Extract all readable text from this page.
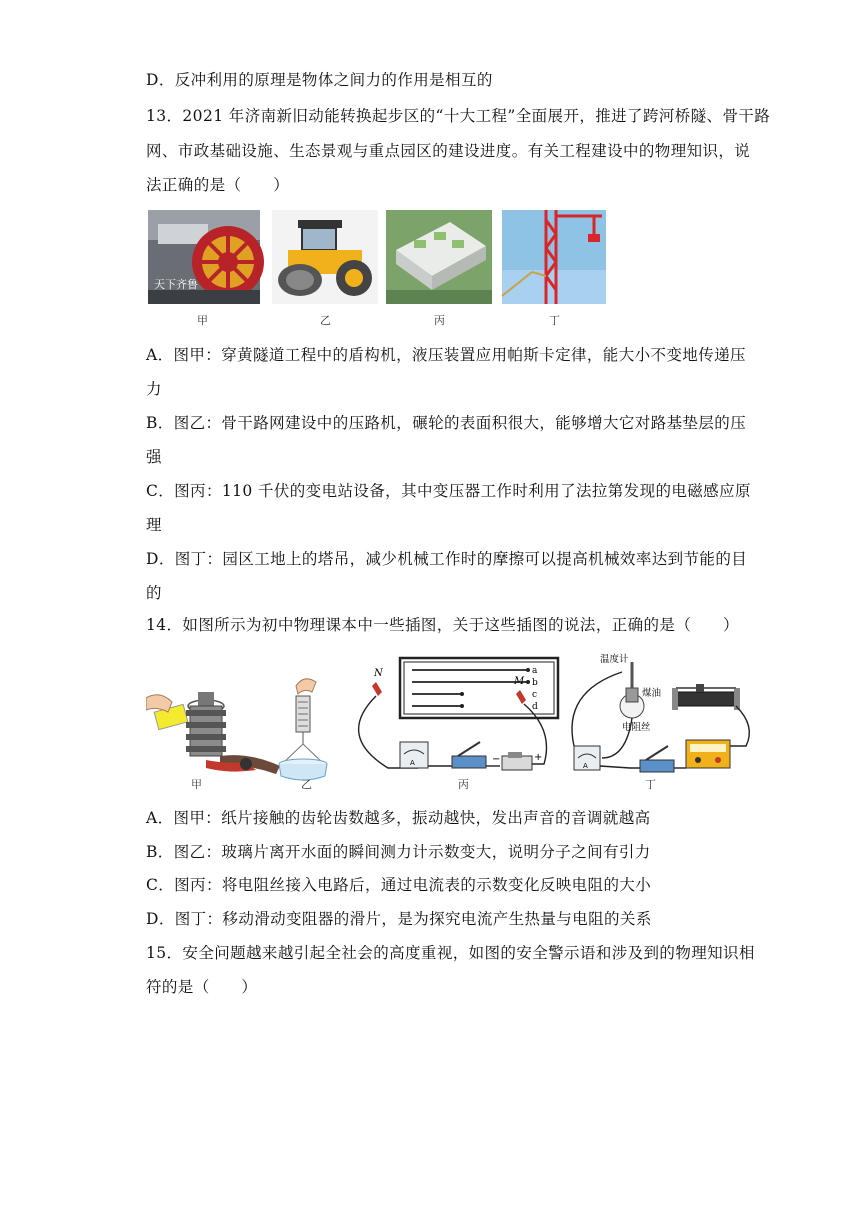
D．反冲利用的原理是物体之间力的作用是相互的
13．2021 年济南新旧动能转换起步区的“十大工程”全面展开，推进了跨河桥隧、骨干路
网、市政基础设施、生态景观与重点园区的建设进度。有关工程建设中的物理知识，说
法正确的是（　　）
天下齐鲁
甲	乙	丙	丁
A．图甲：穿黄隧道工程中的盾构机，液压装置应用帕斯卡定律，能大小不变地传递压
力
B．图乙：骨干路网建设中的压路机，碾轮的表面积很大，能够增大它对路基垫层的压
强
C．图丙：110 千伏的变电站设备，其中变压器工作时利用了法拉第发现的电磁感应原
理
D．图丁：园区工地上的塔吊，减少机械工作时的摩擦可以提高机械效率达到节能的目
的
14．如图所示为初中物理课本中一些插图，关于这些插图的说法，正确的是（　　）
a
b
c
d
N
M
A	−	+
温度计
煤油
电阻丝
A
甲	乙	丙	丁
A．图甲：纸片接触的齿轮齿数越多，振动越快，发出声音的音调就越高
B．图乙：玻璃片离开水面的瞬间测力计示数变大，说明分子之间有引力
C．图丙：将电阻丝接入电路后，通过电流表的示数变化反映电阻的大小
D．图丁：移动滑动变阻器的滑片，是为探究电流产生热量与电阻的关系
15．安全问题越来越引起全社会的高度重视，如图的安全警示语和涉及到的物理知识相
符的是（　　）
